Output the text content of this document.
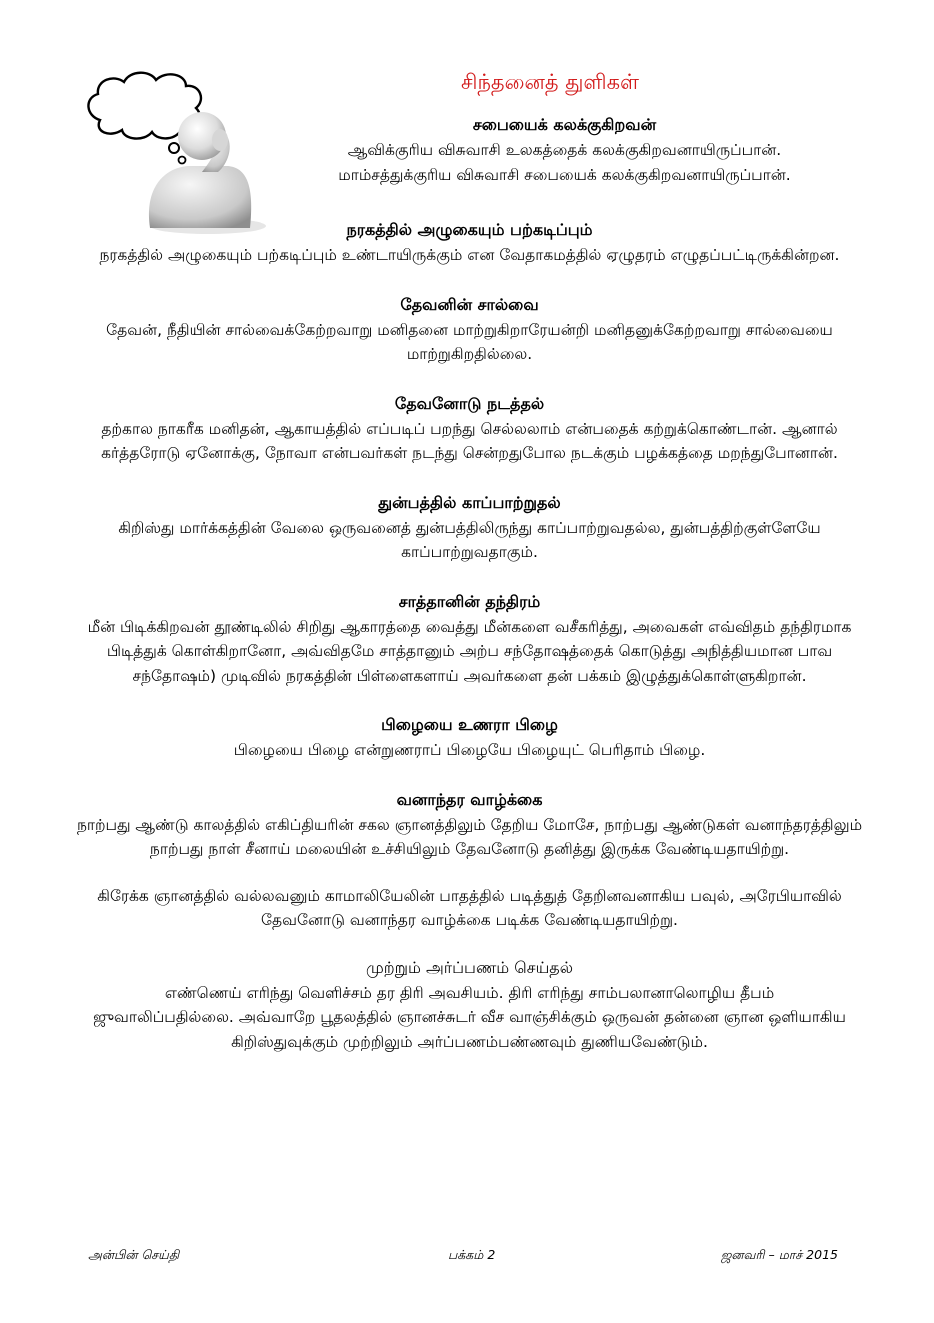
சிந்தனைத் துளிகள்
சபையைக் கலக்குகிறவன்

ஆவிக்குரிய விசுவாசி உலகத்தைக் கலக்குகிறவனாயிருப்பான். மாம்சத்துக்குரிய விசுவாசி சபையைக் கலக்குகிறவனாயிருப்பான்.

நரகத்தில் அழுகையும் பற்கடிப்பும்

நரகத்தில் அழுகையும் பற்கடிப்பும் உண்டாயிருக்கும் என வேதாகமத்தில் ஏழுதரம் எழுதப்பட்டிருக்கின்றன.

தேவனின் சால்வை

தேவன், நீதியின் சால்வைக்கேற்றவாறு மனிதனை மாற்றுகிறாரேயன்றி மனிதனுக்கேற்றவாறு சால்வையை மாற்றுகிறதில்லை.

தேவனோடு நடத்தல்

தற்கால நாகரீக மனிதன், ஆகாயத்தில் எப்படிப் பறந்து செல்லலாம் என்பதைக் கற்றுக்கொண்டான். ஆனால் கர்த்தரோடு ஏனோக்கு, நோவா என்பவர்கள் நடந்து சென்றதுபோல நடக்கும் பழக்கத்தை மறந்துபோனான்.

துன்பத்தில் காப்பாற்றுதல்

கிறிஸ்து மார்க்கத்தின் வேலை ஒருவனைத் துன்பத்திலிருந்து காப்பாற்றுவதல்ல, துன்பத்திற்குள்ளேயே காப்பாற்றுவதாகும்.

சாத்தானின் தந்திரம்

மீன் பிடிக்கிறவன் தூண்டிலில் சிறிது ஆகாரத்தை வைத்து மீன்களை வசீகரித்து, அவைகள் எவ்விதம் தந்திரமாக பிடித்துக் கொள்கிறானோ, அவ்விதமே சாத்தானும் அற்ப சந்தோஷத்தைக் கொடுத்து அநித்தியமான பாவ சந்தோஷம்) முடிவில் நரகத்தின் பிள்ளைகளாய் அவர்களை தன் பக்கம் இழுத்துக்கொள்ளுகிறான்.

பிழையை உணரா பிழை

பிழையை பிழை என்றுணராப் பிழையே பிழையுட் பெரிதாம் பிழை.

வனாந்தர வாழ்க்கை

நாற்பது ஆண்டு காலத்தில் எகிப்தியரின் சகல ஞானத்திலும் தேறிய மோசே, நாற்பது ஆண்டுகள் வனாந்தரத்திலும் நாற்பது நாள் சீனாய் மலையின் உச்சியிலும் தேவனோடு தனித்து இருக்க வேண்டியதாயிற்று.

கிரேக்க ஞானத்தில் வல்லவனும் காமாலியேலின் பாதத்தில் படித்துத் தேறினவனாகிய பவுல், அரேபியாவில் தேவனோடு வனாந்தர வாழ்க்கை படிக்க வேண்டியதாயிற்று.

முற்றும் அர்ப்பணம் செய்தல்

எண்ணெய் எரிந்து வெளிச்சம் தர திரி அவசியம். திரி எரிந்து சாம்பலானாலொழிய தீபம் ஜுவாலிப்பதில்லை. அவ்வாறே பூதலத்தில் ஞானச்சுடர் வீச வாஞ்சிக்கும் ஒருவன் தன்னை ஞான ஒளியாகிய கிறிஸ்துவுக்கும் முற்றிலும் அர்ப்பணம்பண்ணவும் துணியவேண்டும்.

அன்பின் செய்தி	பக்கம் 2	ஜனவரி – மாச் 2015
